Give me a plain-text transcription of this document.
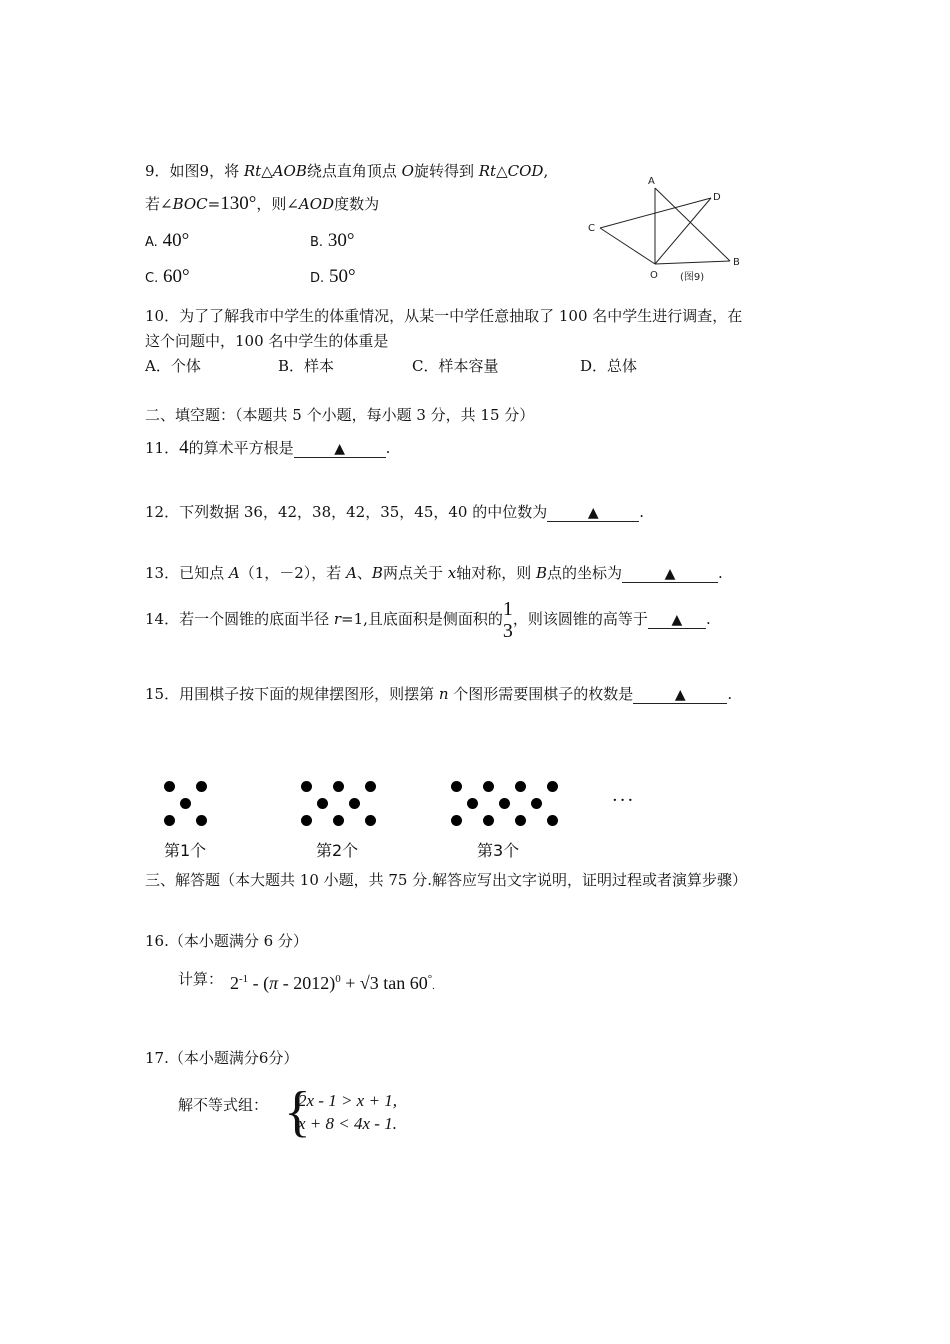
9．如图9，将 Rt△AOB绕点直角顶点 O旋转得到 Rt△COD,
若∠BOC=130°，则∠AOD度数为
A. 40°	B. 30°
C. 60°	D. 50°
A
D
C
O
B
(图9)
10．为了了解我市中学生的体重情况，从某一中学任意抽取了 100 名中学生进行调查，在
这个问题中，100 名中学生的体重是
A．个体	B．样本	C．样本容量	D．总体
二、填空题：（本题共 5 个小题，每小题 3 分，共 15 分）
11．4的算术平方根是	▲	.
12．下列数据 36，42，38，42，35，45，40 的中位数为	▲	.
13．已知点 A（1，－2），若 A、B两点关于 x轴对称，则 B点的坐标为	▲	.
14．若一个圆锥的底面半径 r=1,且底面积是侧面积的 1
3
，则该圆锥的高等于 ▲ .
15．用围棋子按下面的规律摆图形，则摆第 n 个图形需要围棋子的枚数是	▲	.
···
第1个	第2个	第3个
三、解答题（本大题共 10 小题，共 75 分.解答应写出文字说明，证明过程或者演算步骤）
16.（本小题满分 6 分）
计算： $2^{-1} - (\pi - 2012)^0 + √3$ tan 60°.
17.（本小题满分6分）
解不等式组： {
2x - 1 > x + 1,
x + 8 < 4x - 1.
